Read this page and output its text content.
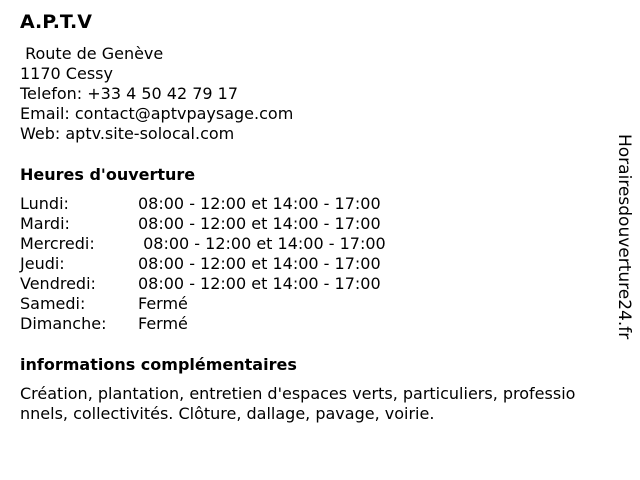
A.P.T.V
Route de Genève
1170 Cessy
Telefon: +33 4 50 42 79 17
Email: contact@aptvpaysage.com
Web: aptv.site-solocal.com
Heures d'ouverture
Lundi:	08:00 - 12:00 et 14:00 - 17:00
Mardi:	08:00 - 12:00 et 14:00 - 17:00
Mercredi:	08:00 - 12:00 et 14:00 - 17:00
Jeudi:	08:00 - 12:00 et 14:00 - 17:00
Vendredi:	08:00 - 12:00 et 14:00 - 17:00
Samedi:	Fermé
Dimanche:	Fermé
informations complémentaires
Création, plantation, entretien d'espaces verts, particuliers, professionnels, collectivités. Clôture, dallage, pavage, voirie.
Horairesdouverture24.fr
